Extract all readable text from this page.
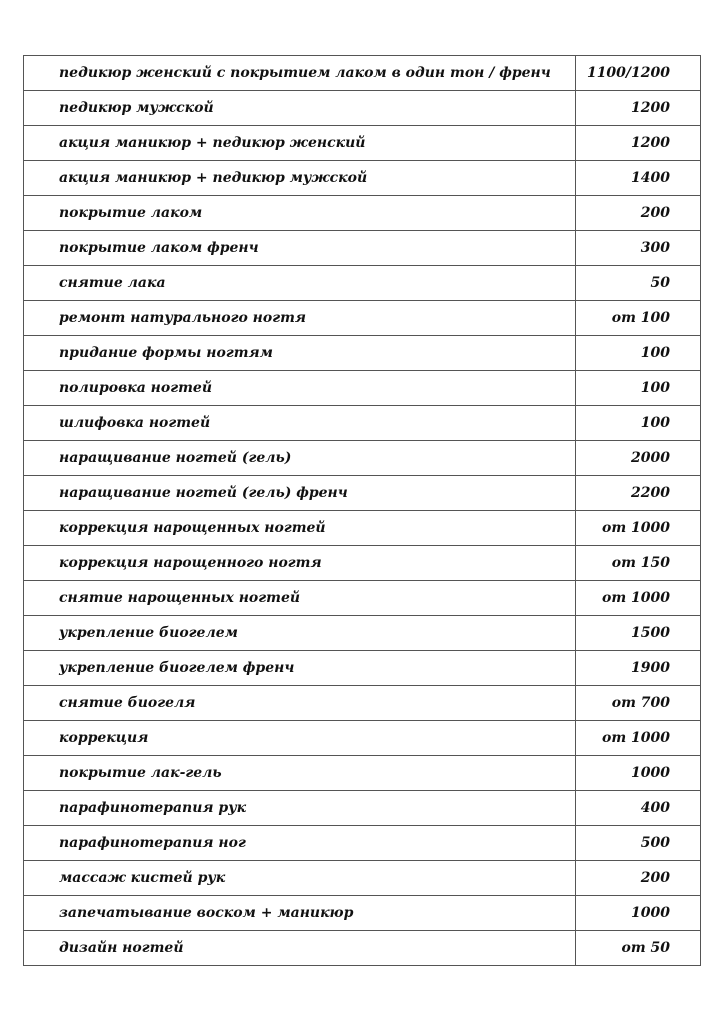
педикюр женский с покрытием лаком в один тон / френч	1100/1200
педикюр мужской	1200
акция маникюр + педикюр женский	1200
акция маникюр + педикюр мужской	1400
покрытие лаком	200
покрытие лаком френч	300
снятие лака	50
ремонт натурального ногтя	от 100
придание формы ногтям	100
полировка ногтей	100
шлифовка ногтей	100
наращивание ногтей (гель)	2000
наращивание ногтей (гель) френч	2200
коррекция нарощенных ногтей	от 1000
коррекция нарощенного ногтя	от 150
снятие нарощенных ногтей	от 1000
укрепление биогелем	1500
укрепление биогелем френч	1900
снятие биогеля	от 700
коррекция	от 1000
покрытие лак-гель	1000
парафинотерапия рук	400
парафинотерапия ног	500
массаж кистей рук	200
запечатывание воском + маникюр	1000
дизайн ногтей	от 50
